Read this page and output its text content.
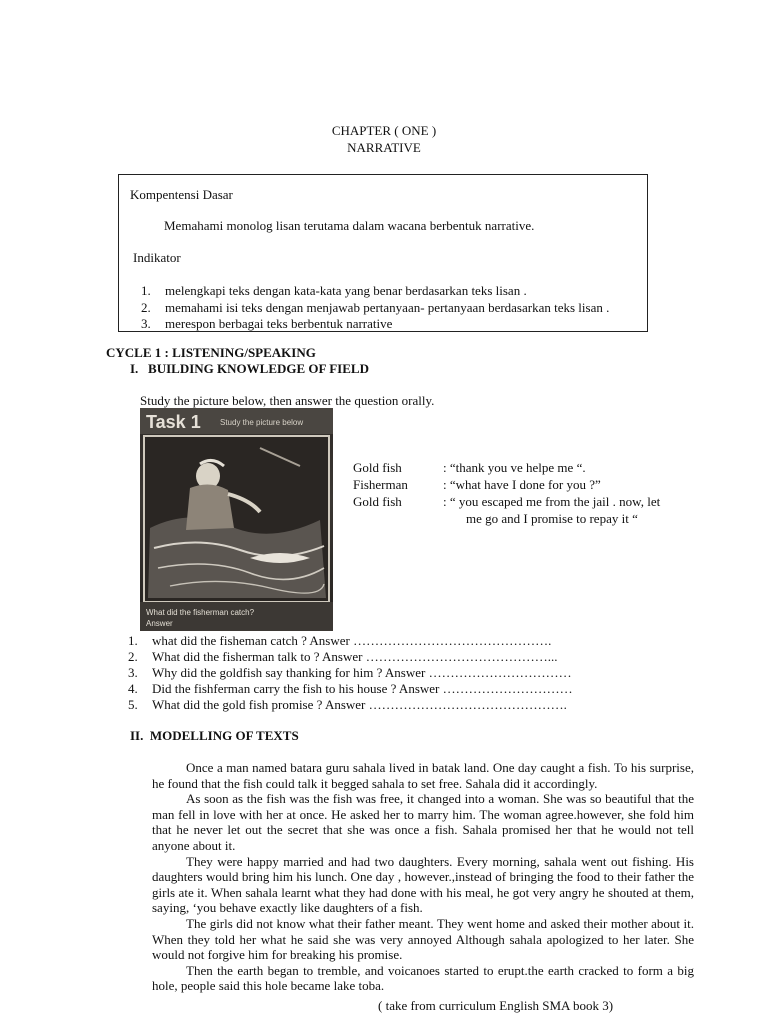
CHAPTER ( ONE )
NARRATIVE
Kompentensi Dasar
Memahami monolog lisan terutama dalam wacana berbentuk narrative.
Indikator
1. melengkapi teks dengan kata-kata yang benar berdasarkan teks lisan .
2. memahami isi teks dengan menjawab pertanyaan- pertanyaan berdasarkan teks lisan .
3. merespon berbagai teks berbentuk narrative
CYCLE 1 : LISTENING/SPEAKING
I.   BUILDING KNOWLEDGE OF FIELD
Study the picture below, then answer the question orally.
Task 1 Study the picture below
What did the fisherman catch?
Answer
Gold fish	: “thank you ve helpe me “.
Fisherman	: “what have I done for you ?”
Gold fish	: “ you escaped me from the jail . now, let
me go and I promise to repay it “
1. what did the fisheman catch ? Answer ……………………………………….
2. What did the fisherman talk to ? Answer ……………………………………...
3. Why did the goldfish say thanking for him ? Answer ……………………………
4. Did the fishferman carry the fish to his house ? Answer …………………………
5. What did the gold fish promise ? Answer ……………………………………….
II.  MODELLING OF TEXTS

Once a man named batara guru sahala lived in batak land. One day caught a fish. To his surprise, he found that the fish could talk it begged sahala to set free. Sahala did it accordingly.

As soon as the fish was the fish was free, it changed into a woman. She was so beautiful that the man fell in love with her at once. He asked her to marry him. The woman agree.however, she fold him that he never let out the secret that she was once a fish. Sahala promised her that he would not tell anyone about it.

They were happy married and had two daughters. Every morning, sahala went out fishing. His daughters would bring him his lunch. One day , however.,instead of bringing the food to their father the girls ate it. When sahala learnt what they had done with his meal, he got very angry he shouted at them, saying, ‘you behave exactly like daughters of a fish.

The girls did not know what their father meant. They went home and asked their mother about it. When they told her what he said she was very annoyed Although sahala apologized to her later. She would not forgive him for breaking his promise.

Then the earth began to tremble, and voicanoes started to erupt.the earth cracked to form a big hole, people said this hole became lake toba.

( take from curriculum English SMA book 3)
